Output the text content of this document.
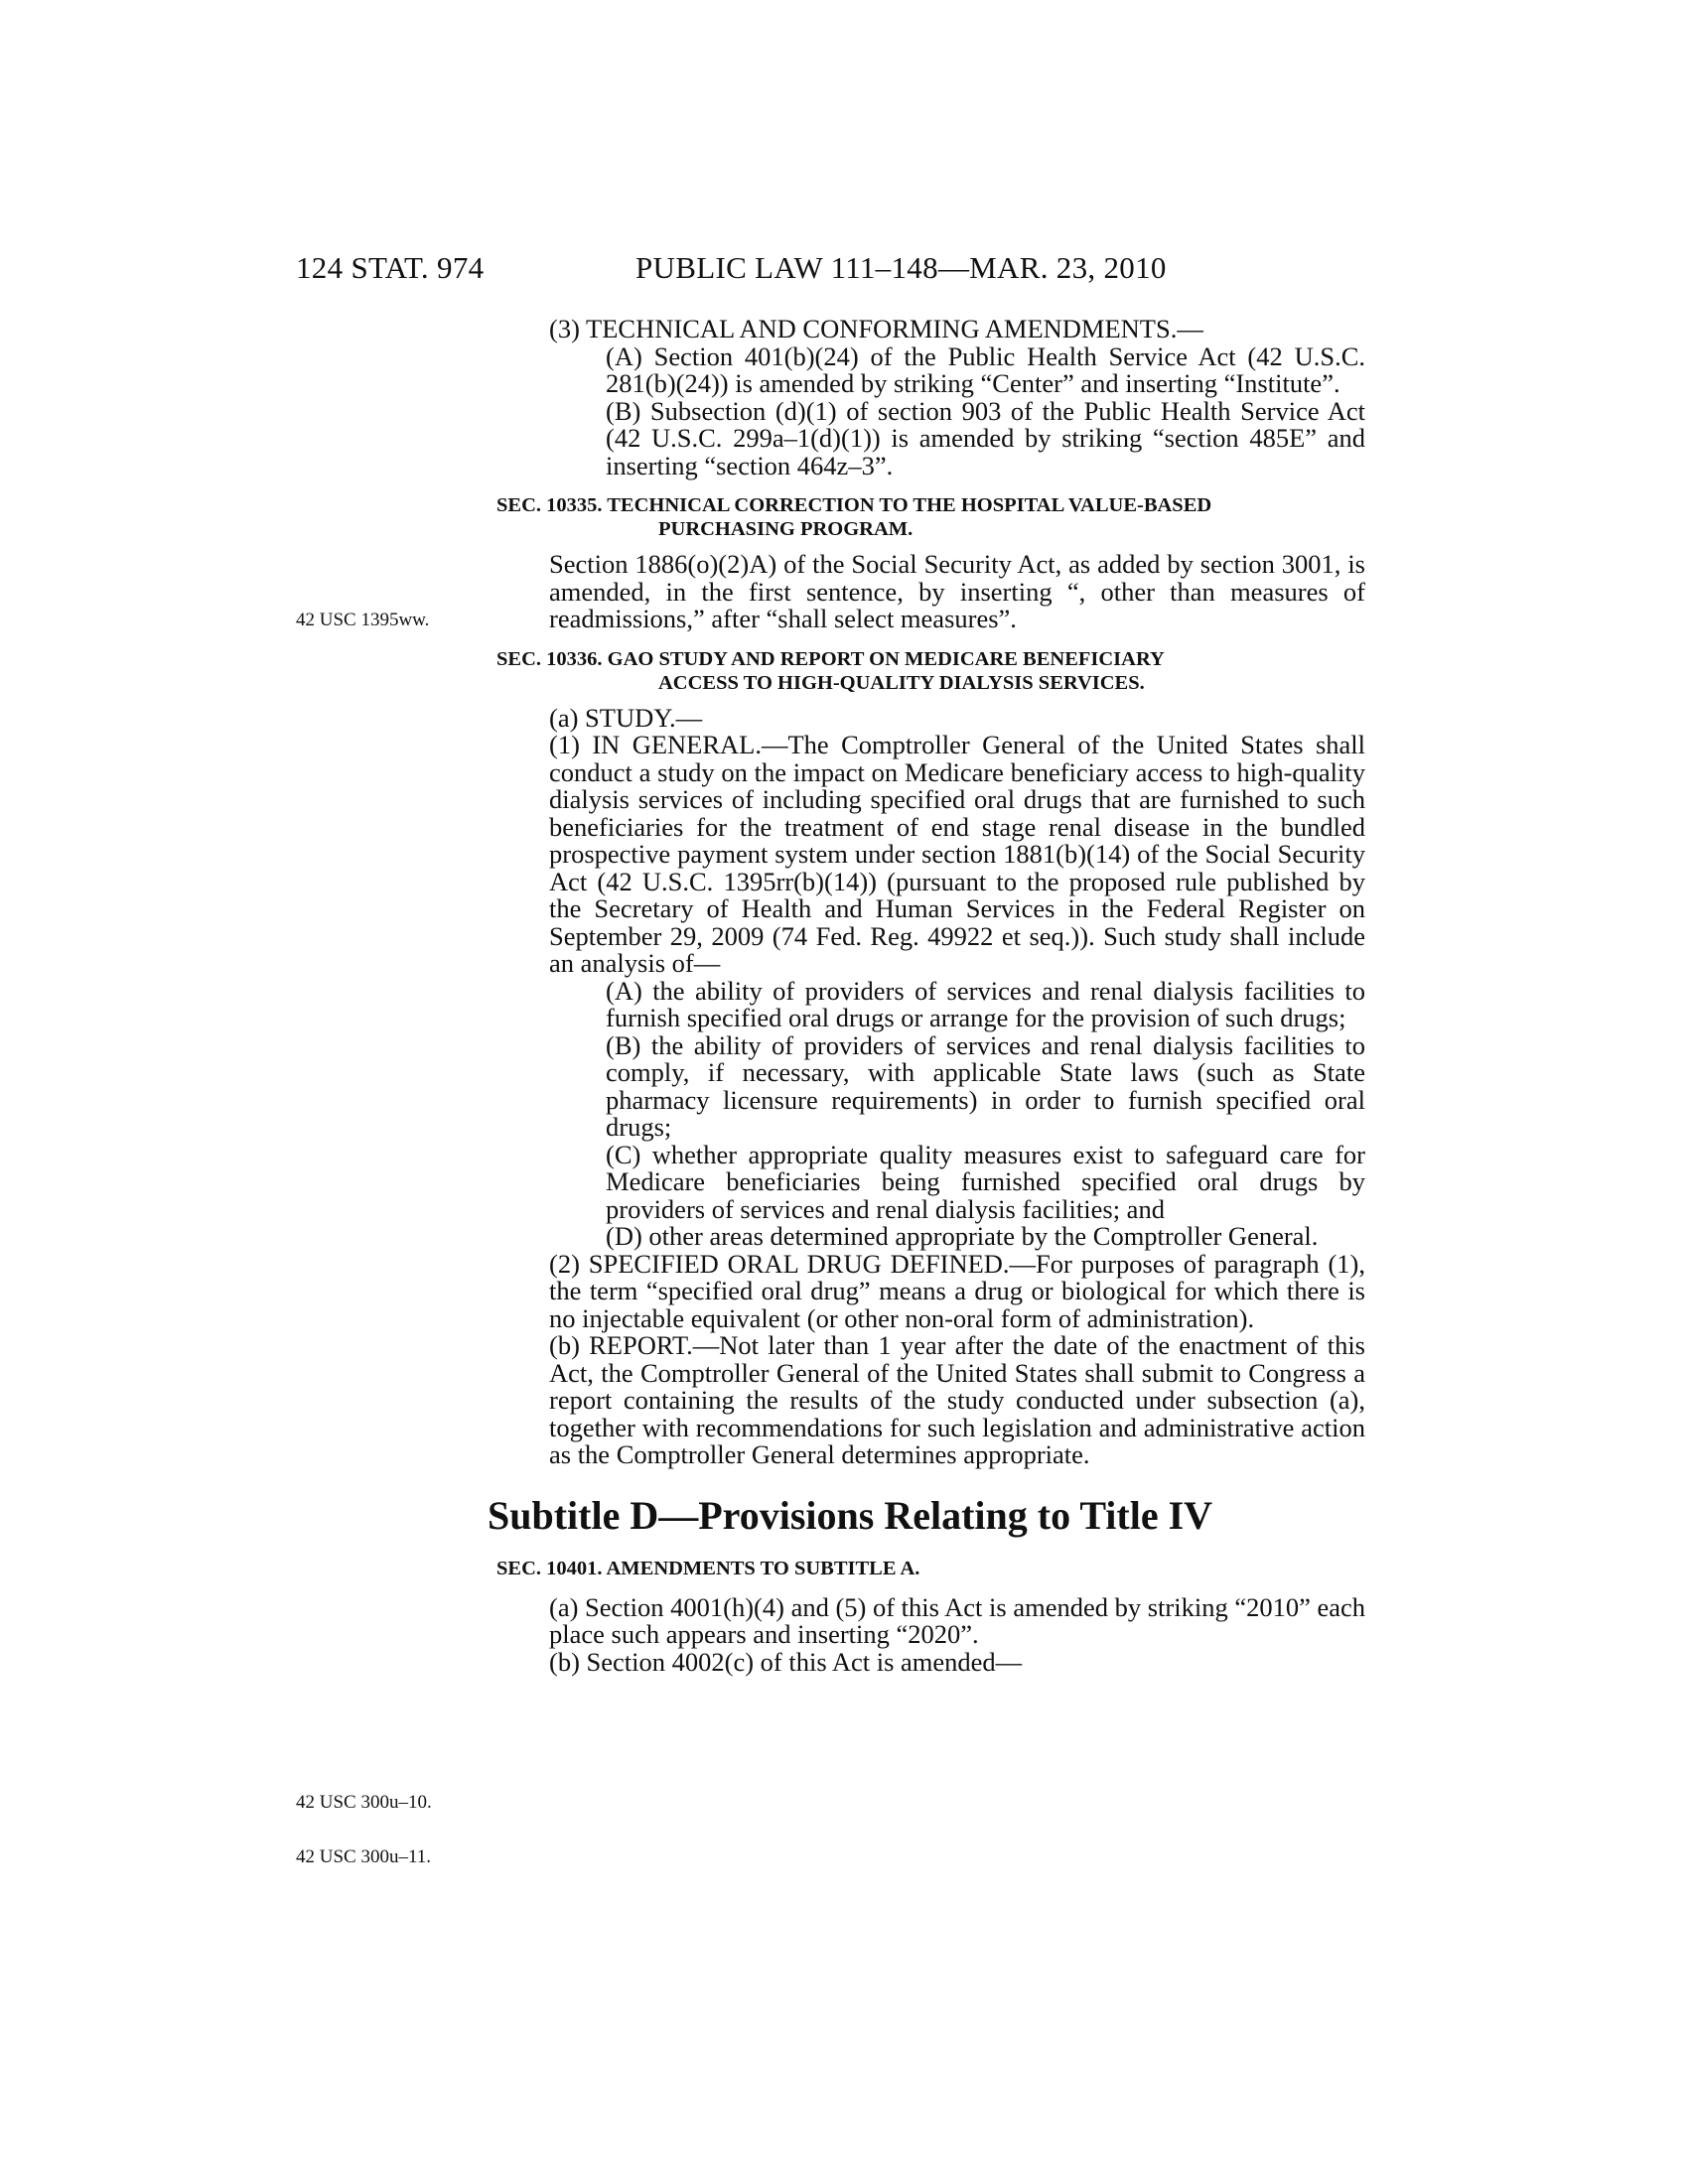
124 STAT. 974	PUBLIC LAW 111–148—MAR. 23, 2010
42 USC 1395ww.
42 USC 300u–10.
42 USC 300u–11.

(3) TECHNICAL AND CONFORMING AMENDMENTS.—

(A) Section 401(b)(24) of the Public Health Service Act (42 U.S.C. 281(b)(24)) is amended by striking “Center” and inserting “Institute”.

(B) Subsection (d)(1) of section 903 of the Public Health Service Act (42 U.S.C. 299a–1(d)(1)) is amended by striking “section 485E” and inserting “section 464z–3”.

SEC. 10335. TECHNICAL CORRECTION TO THE HOSPITAL VALUE-BASED
PURCHASING PROGRAM.

Section 1886(o)(2)A) of the Social Security Act, as added by section 3001, is amended, in the first sentence, by inserting “, other than measures of readmissions,” after “shall select measures”.

SEC. 10336. GAO STUDY AND REPORT ON MEDICARE BENEFICIARY
ACCESS TO HIGH-QUALITY DIALYSIS SERVICES.

(a) STUDY.—

(1) IN GENERAL.—The Comptroller General of the United States shall conduct a study on the impact on Medicare beneficiary access to high-quality dialysis services of including specified oral drugs that are furnished to such beneficiaries for the treatment of end stage renal disease in the bundled prospective payment system under section 1881(b)(14) of the Social Security Act (42 U.S.C. 1395rr(b)(14)) (pursuant to the proposed rule published by the Secretary of Health and Human Services in the Federal Register on September 29, 2009 (74 Fed. Reg. 49922 et seq.)). Such study shall include an analysis of—

(A) the ability of providers of services and renal dialysis facilities to furnish specified oral drugs or arrange for the provision of such drugs;

(B) the ability of providers of services and renal dialysis facilities to comply, if necessary, with applicable State laws (such as State pharmacy licensure requirements) in order to furnish specified oral drugs;

(C) whether appropriate quality measures exist to safeguard care for Medicare beneficiaries being furnished specified oral drugs by providers of services and renal dialysis facilities; and

(D) other areas determined appropriate by the Comptroller General.

(2) SPECIFIED ORAL DRUG DEFINED.—For purposes of paragraph (1), the term “specified oral drug” means a drug or biological for which there is no injectable equivalent (or other non-oral form of administration).

(b) REPORT.—Not later than 1 year after the date of the enactment of this Act, the Comptroller General of the United States shall submit to Congress a report containing the results of the study conducted under subsection (a), together with recommendations for such legislation and administrative action as the Comptroller General determines appropriate.

Subtitle D—Provisions Relating to Title IV
SEC. 10401. AMENDMENTS TO SUBTITLE A.

(a) Section 4001(h)(4) and (5) of this Act is amended by striking “2010” each place such appears and inserting “2020”.

(b) Section 4002(c) of this Act is amended—
